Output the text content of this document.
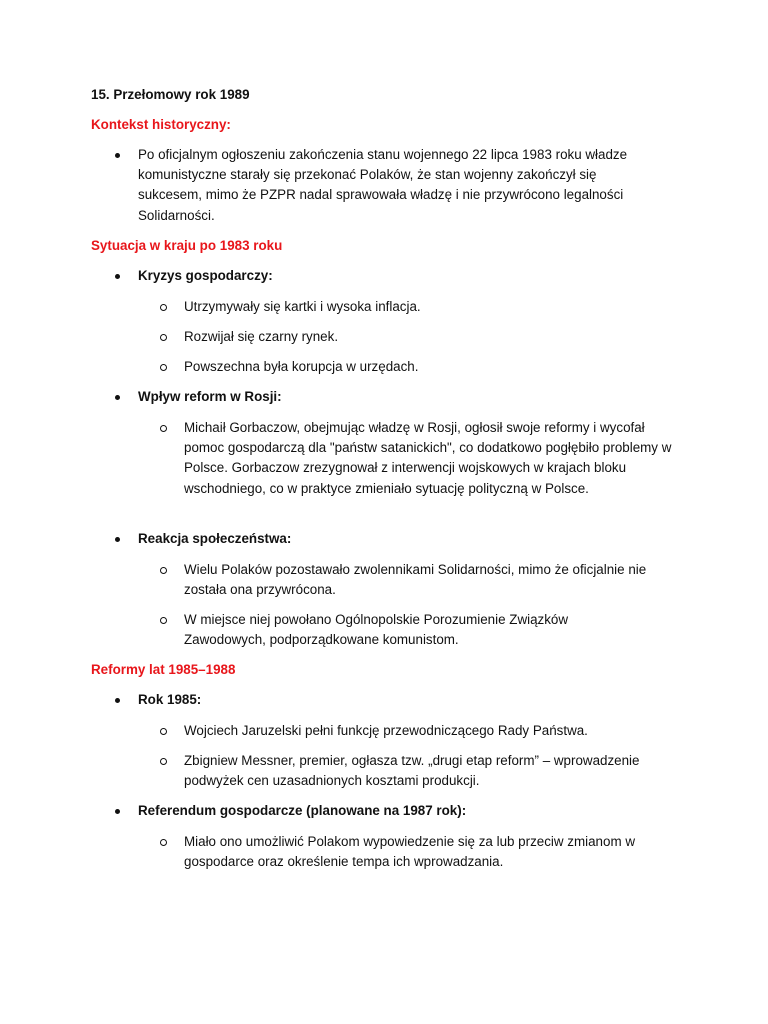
15. Przełomowy rok 1989

Kontekst historyczny:

Po oficjalnym ogłoszeniu zakończenia stanu wojennego 22 lipca 1983 roku władze komunistyczne starały się przekonać Polaków, że stan wojenny zakończył się sukcesem, mimo że PZPR nadal sprawowała władzę i nie przywrócono legalności Solidarności.

Sytuacja w kraju po 1983 roku

Kryzys gospodarczy:

Utrzymywały się kartki i wysoka inflacja.

Rozwijał się czarny rynek.

Powszechna była korupcja w urzędach.

Wpływ reform w Rosji:

Michaił Gorbaczow, obejmując władzę w Rosji, ogłosił swoje reformy i wycofał pomoc gospodarczą dla "państw satanickich", co dodatkowo pogłębiło problemy w Polsce. Gorbaczow zrezygnował z interwencji wojskowych w krajach bloku wschodniego, co w praktyce zmieniało sytuację polityczną w Polsce.

Reakcja społeczeństwa:

Wielu Polaków pozostawało zwolennikami Solidarności, mimo że oficjalnie nie została ona przywrócona.

W miejsce niej powołano Ogólnopolskie Porozumienie Związków Zawodowych, podporządkowane komunistom.

Reformy lat 1985–1988

Rok 1985:

Wojciech Jaruzelski pełni funkcję przewodniczącego Rady Państwa.

Zbigniew Messner, premier, ogłasza tzw. „drugi etap reform” – wprowadzenie podwyżek cen uzasadnionych kosztami produkcji.

Referendum gospodarcze (planowane na 1987 rok):

Miało ono umożliwić Polakom wypowiedzenie się za lub przeciw zmianom w gospodarce oraz określenie tempa ich wprowadzania.
